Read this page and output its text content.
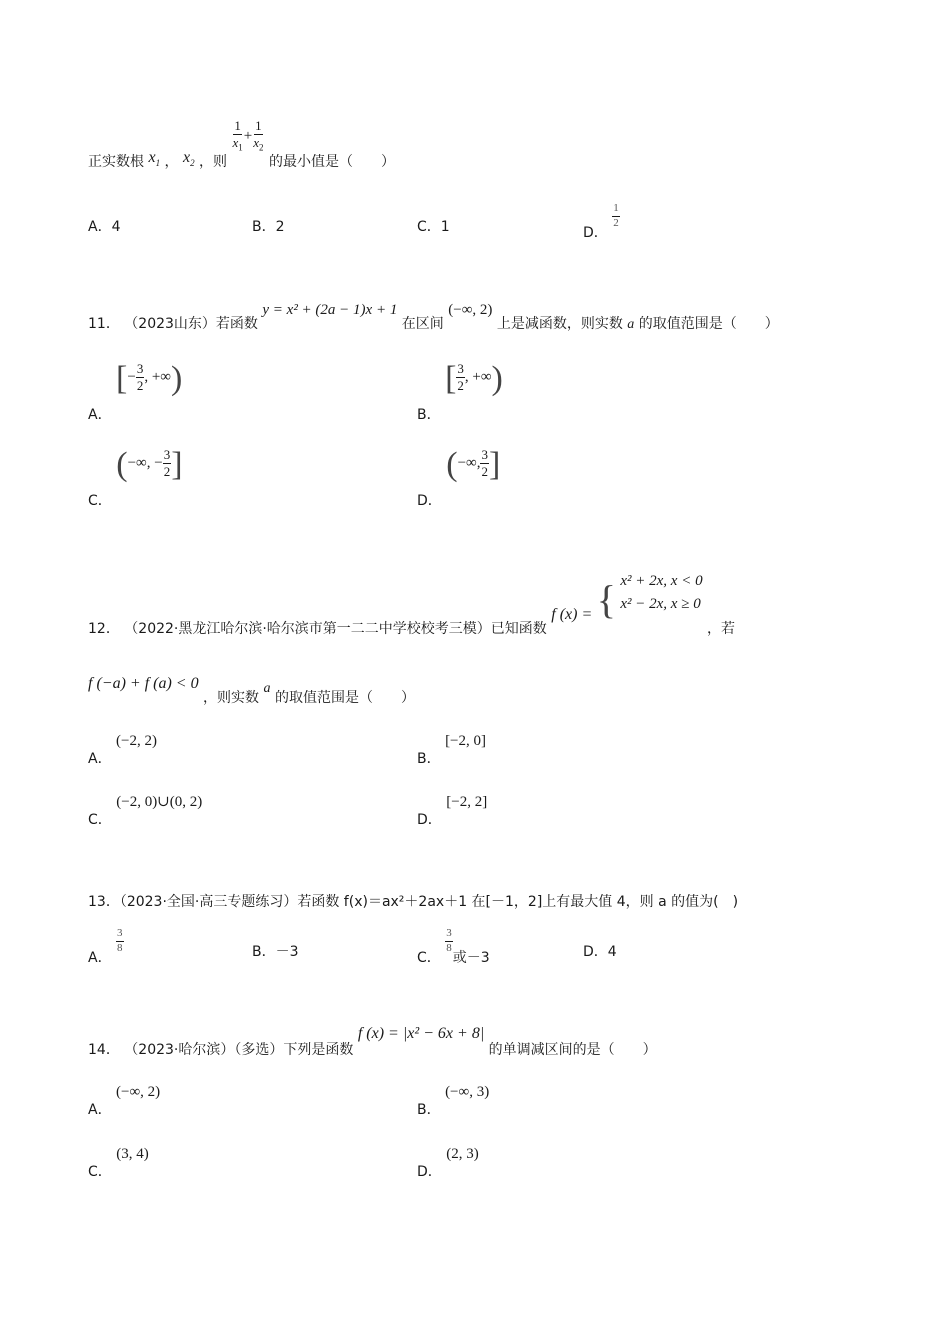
正实数根 $x_1$ ， $x_2$ ，则
$\frac{1}{x_1} + \frac{1}{x_2}$
的最小值是（　　）
A．4	B．2	C．1	D．
$\frac{1}{2}$
11． （2023山东）若函数 y = x² + (2a − 1)x + 1 在区间 (−∞, 2) 上是减函数，则实数 a 的取值范围是（　　）
A． [− $\frac{3}{2}$ , +∞)
B． [ $\frac{3}{2}$ , +∞)
C． (−∞, − $\frac{3}{2}$ ]
D． (−∞, $\frac{3}{2}$ ]
12． （2022·黑龙江哈尔滨·哈尔滨市第一二二中学校校考三模）已知函数 f (x) = { x² + 2x, x < 0
x² − 2x, x ≥ 0
，若
f (−a) + f (a) < 0 ，则实数 a 的取值范围是（　　）
A． (−2, 2)
B． [−2, 0]
C． (−2, 0)∪(0, 2)
D． [−2, 2]
13．（2023·全国·高三专题练习）若函数 f(x)＝ax²＋2ax＋1 在[－1，2]上有最大值 4，则 a 的值为(　)
A．
$\frac{3}{8}$	B．－3	C．
$\frac{3}{8}$
或－3	D．4
14． （2023·哈尔滨）（多选）下列是函数 f (x) = |x² − 6x + 8| 的单调减区间的是（　　）
A． (−∞, 2)
B． (−∞, 3)
C． (3, 4)
D． (2, 3)
